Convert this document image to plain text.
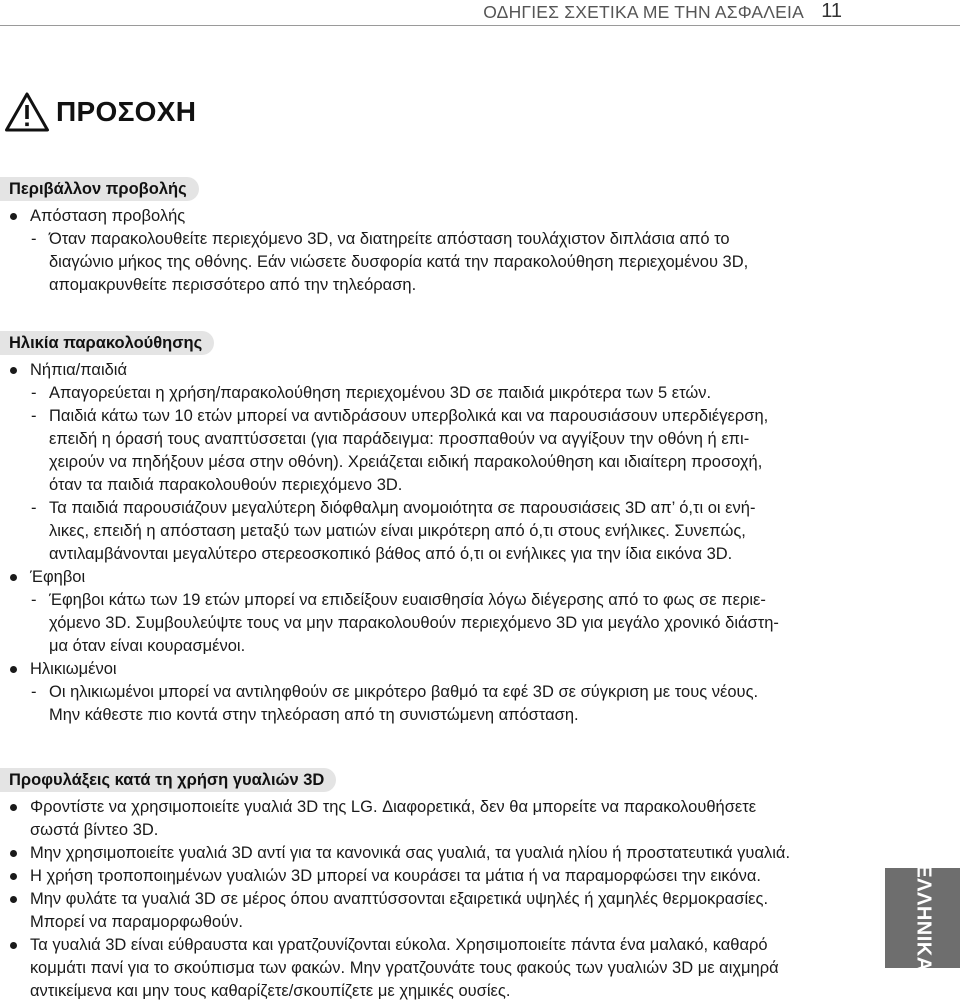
ΟΔΗΓΙΕΣ ΣΧΕΤΙΚΑ ΜΕ ΤΗΝ ΑΣΦΑΛΕΙΑ 11
ΠΡΟΣΟΧΗ
Περιβάλλον προβολής
Απόσταση προβολής
- Όταν παρακολουθείτε περιεχόμενο 3D, να διατηρείτε απόσταση τουλάχιστον διπλάσια από το
διαγώνιο μήκος της οθόνης. Εάν νιώσετε δυσφορία κατά την παρακολούθηση περιεχομένου 3D,
απομακρυνθείτε περισσότερο από την τηλεόραση.
Ηλικία παρακολούθησης
Νήπια/παιδιά
- Απαγορεύεται η χρήση/παρακολούθηση περιεχομένου 3D σε παιδιά μικρότερα των 5 ετών.
- Παιδιά κάτω των 10 ετών μπορεί να αντιδράσουν υπερβολικά και να παρουσιάσουν υπερδιέγερση,
επειδή η όρασή τους αναπτύσσεται (για παράδειγμα: προσπαθούν να αγγίξουν την οθόνη ή επι-
χειρούν να πηδήξουν μέσα στην οθόνη). Χρειάζεται ειδική παρακολούθηση και ιδιαίτερη προσοχή,
όταν τα παιδιά παρακολουθούν περιεχόμενο 3D.
- Τα παιδιά παρουσιάζουν μεγαλύτερη διόφθαλμη ανομοιότητα σε παρουσιάσεις 3D απ’ ό,τι οι ενή-
λικες, επειδή η απόσταση μεταξύ των ματιών είναι μικρότερη από ό,τι στους ενήλικες. Συνεπώς,
αντιλαμβάνονται μεγαλύτερο στερεοσκοπικό βάθος από ό,τι οι ενήλικες για την ίδια εικόνα 3D.
Έφηβοι
- Έφηβοι κάτω των 19 ετών μπορεί να επιδείξουν ευαισθησία λόγω διέγερσης από το φως σε περιε-
χόμενο 3D. Συμβουλεύψτε τους να μην παρακολουθούν περιεχόμενο 3D για μεγάλο χρονικό διάστη-
μα όταν είναι κουρασμένοι.
Ηλικιωμένοι
- Οι ηλικιωμένοι μπορεί να αντιληφθούν σε μικρότερο βαθμό τα εφέ 3D σε σύγκριση με τους νέους.
Μην κάθεστε πιο κοντά στην τηλεόραση από τη συνιστώμενη απόσταση.
Προφυλάξεις κατά τη χρήση γυαλιών 3D
Φροντίστε να χρησιμοποιείτε γυαλιά 3D της LG. Διαφορετικά, δεν θα μπορείτε να παρακολουθήσετε
σωστά βίντεο 3D.
Μην χρησιμοποιείτε γυαλιά 3D αντί για τα κανονικά σας γυαλιά, τα γυαλιά ηλίου ή προστατευτικά γυαλιά.
Η χρήση τροποποιημένων γυαλιών 3D μπορεί να κουράσει τα μάτια ή να παραμορφώσει την εικόνα.
Μην φυλάτε τα γυαλιά 3D σε μέρος όπου αναπτύσσονται εξαιρετικά υψηλές ή χαμηλές θερμοκρασίες.
Μπορεί να παραμορφωθούν.
Τα γυαλιά 3D είναι εύθραυστα και γρατζουνίζονται εύκολα. Χρησιμοποιείτε πάντα ένα μαλακό, καθαρό
κομμάτι πανί για το σκούπισμα των φακών. Μην γρατζουνάτε τους φακούς των γυαλιών 3D με αιχμηρά
αντικείμενα και μην τους καθαρίζετε/σκουπίζετε με χημικές ουσίες.
ΕΛΛΗΝΙΚΑ
